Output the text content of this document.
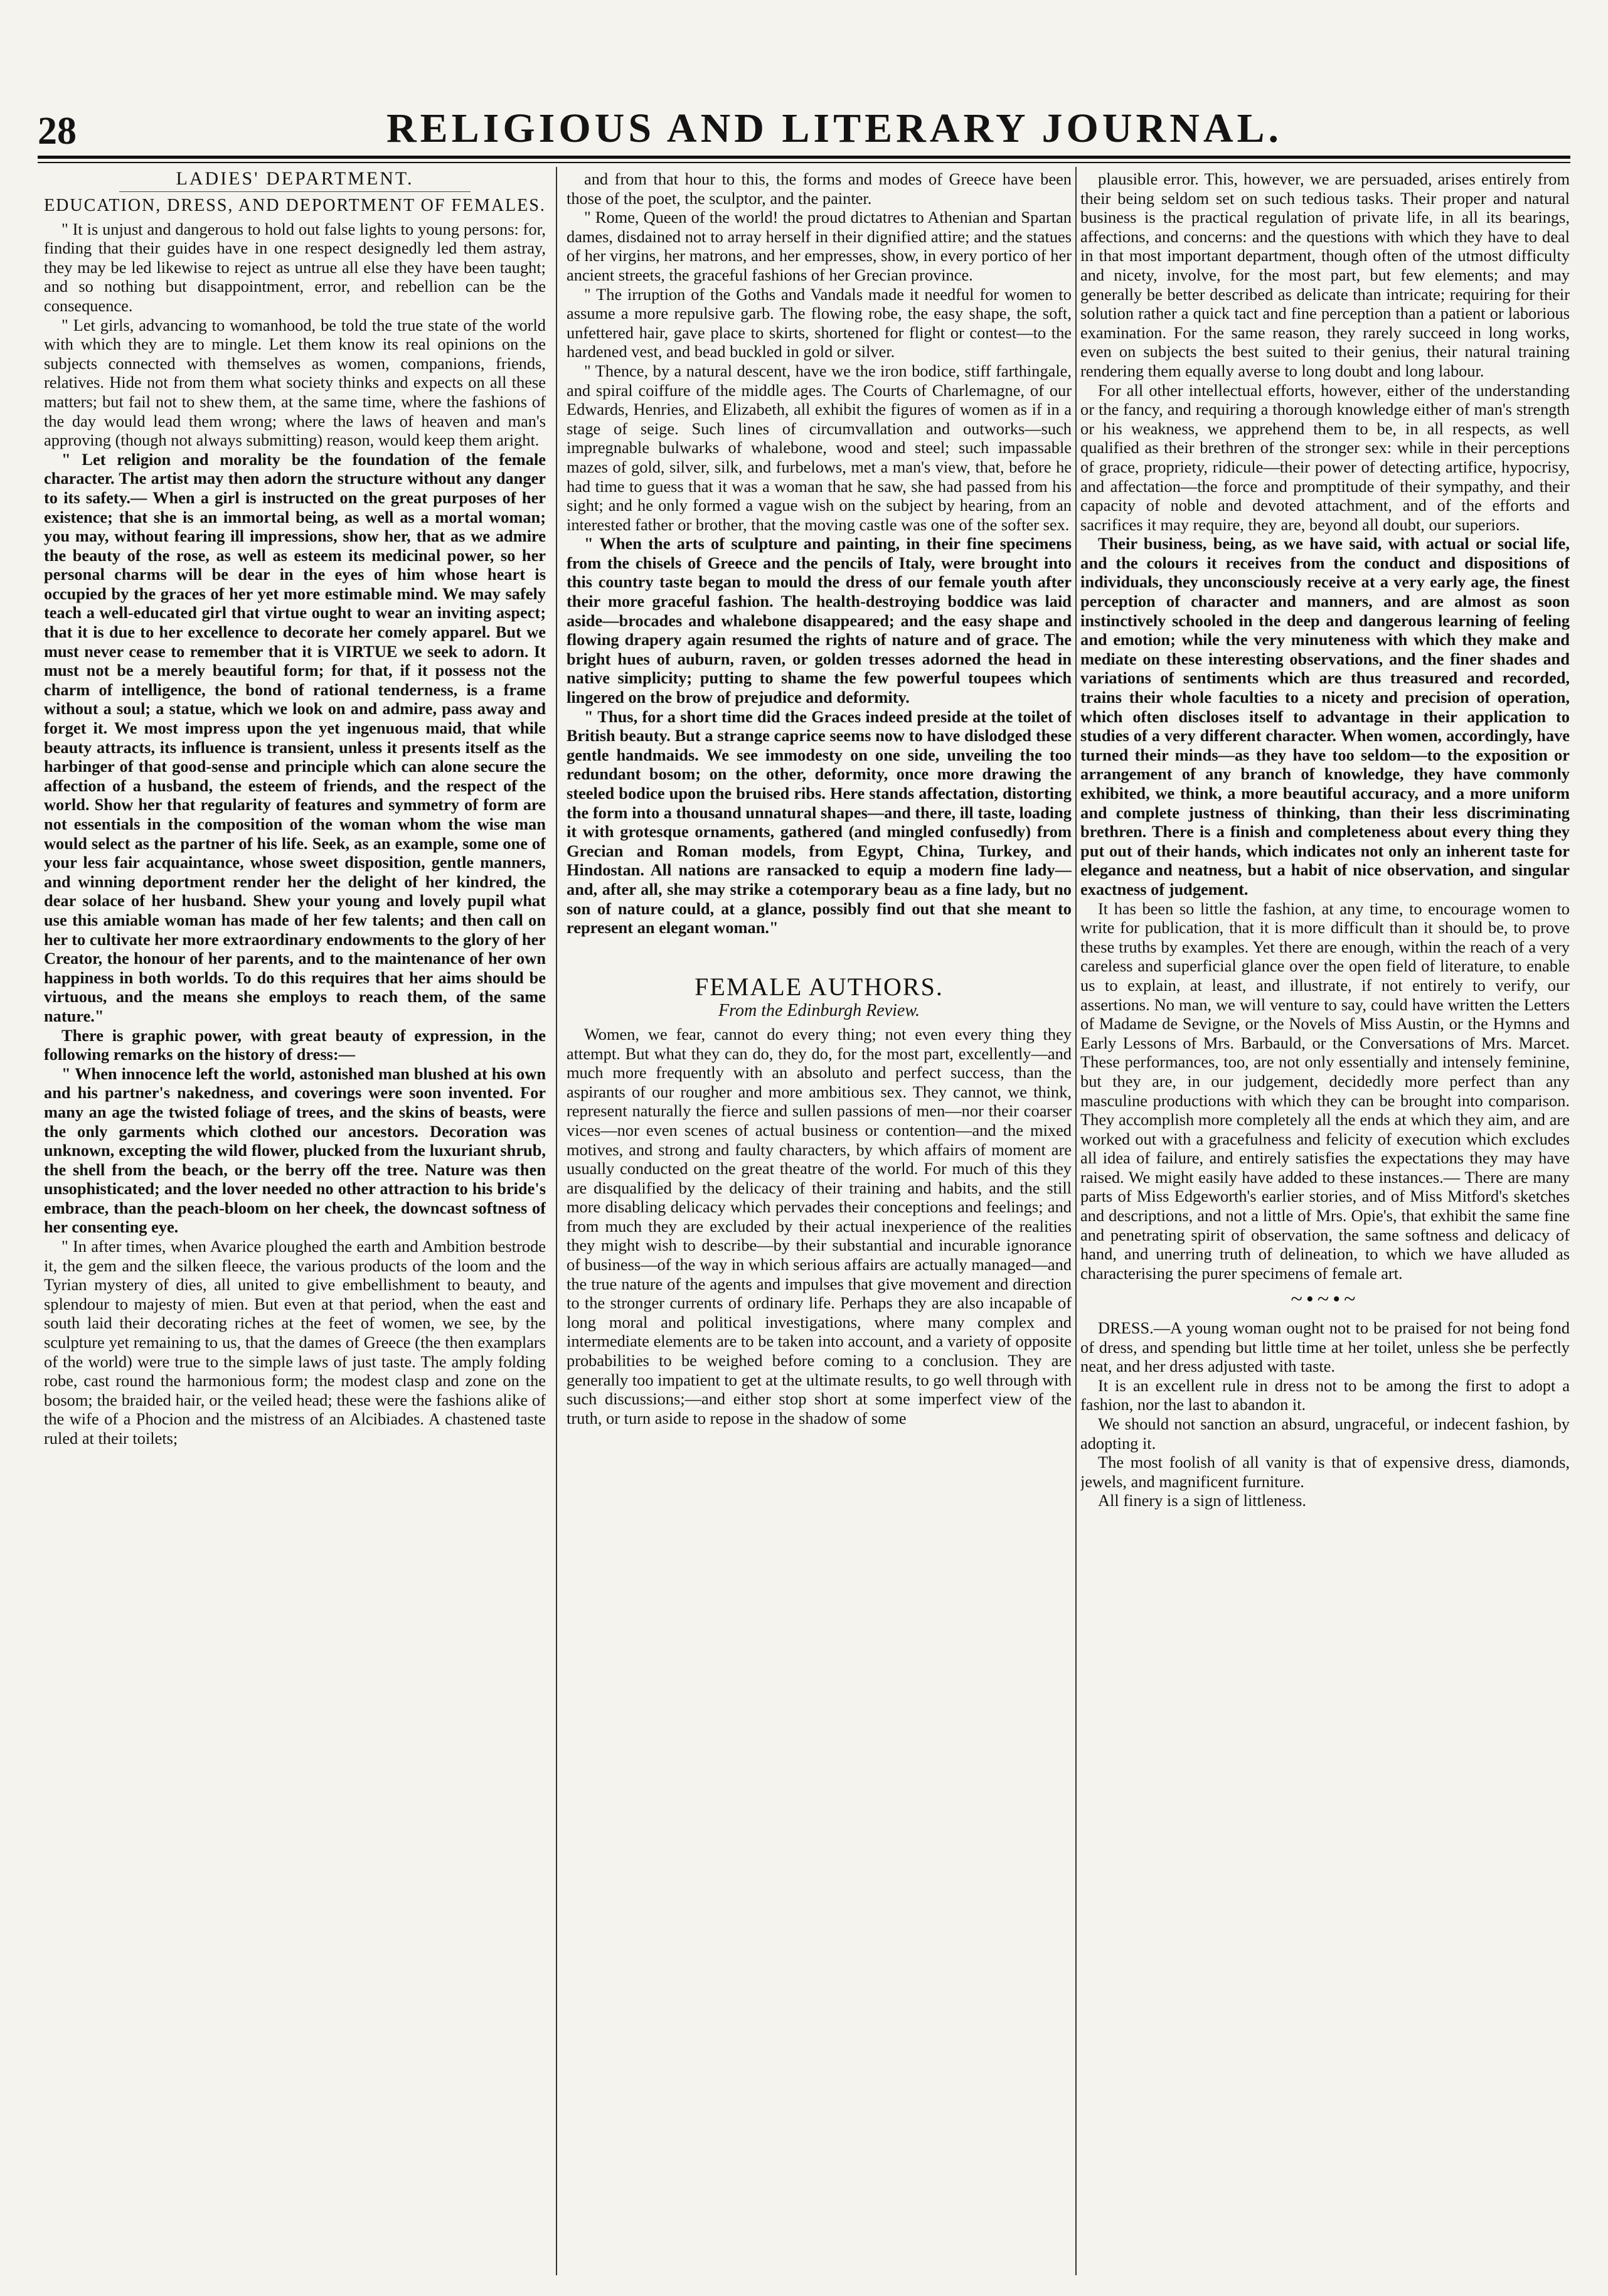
28	RELIGIOUS AND LITERARY JOURNAL.
LADIES' DEPARTMENT.
EDUCATION, DRESS, AND DEPORTMENT OF FEMALES.

" It is unjust and dangerous to hold out false lights to young persons: for, finding that their guides have in one respect designedly led them astray, they may be led likewise to reject as untrue all else they have been taught; and so nothing but disappointment, error, and rebellion can be the consequence.

" Let girls, advancing to womanhood, be told the true state of the world with which they are to mingle. Let them know its real opinions on the subjects connected with themselves as women, companions, friends, relatives. Hide not from them what society thinks and expects on all these matters; but fail not to shew them, at the same time, where the fashions of the day would lead them wrong; where the laws of heaven and man's approving (though not always submitting) reason, would keep them aright.

" Let religion and morality be the foundation of the female character. The artist may then adorn the structure without any danger to its safety.— When a girl is instructed on the great purposes of her existence; that she is an immortal being, as well as a mortal woman; you may, without fearing ill impressions, show her, that as we admire the beauty of the rose, as well as esteem its medicinal power, so her personal charms will be dear in the eyes of him whose heart is occupied by the graces of her yet more estimable mind. We may safely teach a well-educated girl that virtue ought to wear an inviting aspect; that it is due to her excellence to decorate her comely apparel. But we must never cease to remember that it is VIRTUE we seek to adorn. It must not be a merely beautiful form; for that, if it possess not the charm of intelligence, the bond of rational tenderness, is a frame without a soul; a statue, which we look on and admire, pass away and forget it. We most impress upon the yet ingenuous maid, that while beauty attracts, its influence is transient, unless it presents itself as the harbinger of that good-sense and principle which can alone secure the affection of a husband, the esteem of friends, and the respect of the world. Show her that regularity of features and symmetry of form are not essentials in the composition of the woman whom the wise man would select as the partner of his life. Seek, as an example, some one of your less fair acquaintance, whose sweet disposition, gentle manners, and winning deportment render her the delight of her kindred, the dear solace of her husband. Shew your young and lovely pupil what use this amiable woman has made of her few talents; and then call on her to cultivate her more extraordinary endowments to the glory of her Creator, the honour of her parents, and to the maintenance of her own happiness in both worlds. To do this requires that her aims should be virtuous, and the means she employs to reach them, of the same nature."

There is graphic power, with great beauty of expression, in the following remarks on the history of dress:—

" When innocence left the world, astonished man blushed at his own and his partner's nakedness, and coverings were soon invented. For many an age the twisted foliage of trees, and the skins of beasts, were the only garments which clothed our ancestors. Decoration was unknown, excepting the wild flower, plucked from the luxuriant shrub, the shell from the beach, or the berry off the tree. Nature was then unsophisticated; and the lover needed no other attraction to his bride's embrace, than the peach-bloom on her cheek, the downcast softness of her consenting eye.

" In after times, when Avarice ploughed the earth and Ambition bestrode it, the gem and the silken fleece, the various products of the loom and the Tyrian mystery of dies, all united to give embellishment to beauty, and splendour to majesty of mien. But even at that period, when the east and south laid their decorating riches at the feet of women, we see, by the sculpture yet remaining to us, that the dames of Greece (the then examplars of the world) were true to the simple laws of just taste. The amply folding robe, cast round the harmonious form; the modest clasp and zone on the bosom; the braided hair, or the veiled head; these were the fashions alike of the wife of a Phocion and the mistress of an Alcibiades. A chastened taste ruled at their toilets;

and from that hour to this, the forms and modes of Greece have been those of the poet, the sculptor, and the painter.

" Rome, Queen of the world! the proud dictatres to Athenian and Spartan dames, disdained not to array herself in their dignified attire; and the statues of her virgins, her matrons, and her empresses, show, in every portico of her ancient streets, the graceful fashions of her Grecian province.

" The irruption of the Goths and Vandals made it needful for women to assume a more repulsive garb. The flowing robe, the easy shape, the soft, unfettered hair, gave place to skirts, shortened for flight or contest—to the hardened vest, and bead buckled in gold or silver.

" Thence, by a natural descent, have we the iron bodice, stiff farthingale, and spiral coiffure of the middle ages. The Courts of Charlemagne, of our Edwards, Henries, and Elizabeth, all exhibit the figures of women as if in a stage of seige. Such lines of circumvallation and outworks—such impregnable bulwarks of whalebone, wood and steel; such impassable mazes of gold, silver, silk, and furbelows, met a man's view, that, before he had time to guess that it was a woman that he saw, she had passed from his sight; and he only formed a vague wish on the subject by hearing, from an interested father or brother, that the moving castle was one of the softer sex.

" When the arts of sculpture and painting, in their fine specimens from the chisels of Greece and the pencils of Italy, were brought into this country taste began to mould the dress of our female youth after their more graceful fashion. The health-destroying boddice was laid aside—brocades and whalebone disappeared; and the easy shape and flowing drapery again resumed the rights of nature and of grace. The bright hues of auburn, raven, or golden tresses adorned the head in native simplicity; putting to shame the few powerful toupees which lingered on the brow of prejudice and deformity.

" Thus, for a short time did the Graces indeed preside at the toilet of British beauty. But a strange caprice seems now to have dislodged these gentle handmaids. We see immodesty on one side, unveiling the too redundant bosom; on the other, deformity, once more drawing the steeled bodice upon the bruised ribs. Here stands affectation, distorting the form into a thousand unnatural shapes—and there, ill taste, loading it with grotesque ornaments, gathered (and mingled confusedly) from Grecian and Roman models, from Egypt, China, Turkey, and Hindostan. All nations are ransacked to equip a modern fine lady—and, after all, she may strike a cotemporary beau as a fine lady, but no son of nature could, at a glance, possibly find out that she meant to represent an elegant woman."

FEMALE AUTHORS.
From the Edinburgh Review.

Women, we fear, cannot do every thing; not even every thing they attempt. But what they can do, they do, for the most part, excellently—and much more frequently with an absoluto and perfect success, than the aspirants of our rougher and more ambitious sex. They cannot, we think, represent naturally the fierce and sullen passions of men—nor their coarser vices—nor even scenes of actual business or contention—and the mixed motives, and strong and faulty characters, by which affairs of moment are usually conducted on the great theatre of the world. For much of this they are disqualified by the delicacy of their training and habits, and the still more disabling delicacy which pervades their conceptions and feelings; and from much they are excluded by their actual inexperience of the realities they might wish to describe—by their substantial and incurable ignorance of business—of the way in which serious affairs are actually managed—and the true nature of the agents and impulses that give movement and direction to the stronger currents of ordinary life. Perhaps they are also incapable of long moral and political investigations, where many complex and intermediate elements are to be taken into account, and a variety of opposite probabilities to be weighed before coming to a conclusion. They are generally too impatient to get at the ultimate results, to go well through with such discussions;—and either stop short at some imperfect view of the truth, or turn aside to repose in the shadow of some

plausible error. This, however, we are persuaded, arises entirely from their being seldom set on such tedious tasks. Their proper and natural business is the practical regulation of private life, in all its bearings, affections, and concerns: and the questions with which they have to deal in that most important department, though often of the utmost difficulty and nicety, involve, for the most part, but few elements; and may generally be better described as delicate than intricate; requiring for their solution rather a quick tact and fine perception than a patient or laborious examination. For the same reason, they rarely succeed in long works, even on subjects the best suited to their genius, their natural training rendering them equally averse to long doubt and long labour.

For all other intellectual efforts, however, either of the understanding or the fancy, and requiring a thorough knowledge either of man's strength or his weakness, we apprehend them to be, in all respects, as well qualified as their brethren of the stronger sex: while in their perceptions of grace, propriety, ridicule—their power of detecting artifice, hypocrisy, and affectation—the force and promptitude of their sympathy, and their capacity of noble and devoted attachment, and of the efforts and sacrifices it may require, they are, beyond all doubt, our superiors.

Their business, being, as we have said, with actual or social life, and the colours it receives from the conduct and dispositions of individuals, they unconsciously receive at a very early age, the finest perception of character and manners, and are almost as soon instinctively schooled in the deep and dangerous learning of feeling and emotion; while the very minuteness with which they make and mediate on these interesting observations, and the finer shades and variations of sentiments which are thus treasured and recorded, trains their whole faculties to a nicety and precision of operation, which often discloses itself to advantage in their application to studies of a very different character. When women, accordingly, have turned their minds—as they have too seldom—to the exposition or arrangement of any branch of knowledge, they have commonly exhibited, we think, a more beautiful accuracy, and a more uniform and complete justness of thinking, than their less discriminating brethren. There is a finish and completeness about every thing they put out of their hands, which indicates not only an inherent taste for elegance and neatness, but a habit of nice observation, and singular exactness of judgement.

It has been so little the fashion, at any time, to encourage women to write for publication, that it is more difficult than it should be, to prove these truths by examples. Yet there are enough, within the reach of a very careless and superficial glance over the open field of literature, to enable us to explain, at least, and illustrate, if not entirely to verify, our assertions. No man, we will venture to say, could have written the Letters of Madame de Sevigne, or the Novels of Miss Austin, or the Hymns and Early Lessons of Mrs. Barbauld, or the Conversations of Mrs. Marcet. These performances, too, are not only essentially and intensely feminine, but they are, in our judgement, decidedly more perfect than any masculine productions with which they can be brought into comparison. They accomplish more completely all the ends at which they aim, and are worked out with a gracefulness and felicity of execution which excludes all idea of failure, and entirely satisfies the expectations they may have raised. We might easily have added to these instances.— There are many parts of Miss Edgeworth's earlier stories, and of Miss Mitford's sketches and descriptions, and not a little of Mrs. Opie's, that exhibit the same fine and penetrating spirit of observation, the same softness and delicacy of hand, and unerring truth of delineation, to which we have alluded as characterising the purer specimens of female art.

~•~•~

DRESS.—A young woman ought not to be praised for not being fond of dress, and spending but little time at her toilet, unless she be perfectly neat, and her dress adjusted with taste.

It is an excellent rule in dress not to be among the first to adopt a fashion, nor the last to abandon it.

We should not sanction an absurd, ungraceful, or indecent fashion, by adopting it.

The most foolish of all vanity is that of expensive dress, diamonds, jewels, and magnificent furniture.

All finery is a sign of littleness.
